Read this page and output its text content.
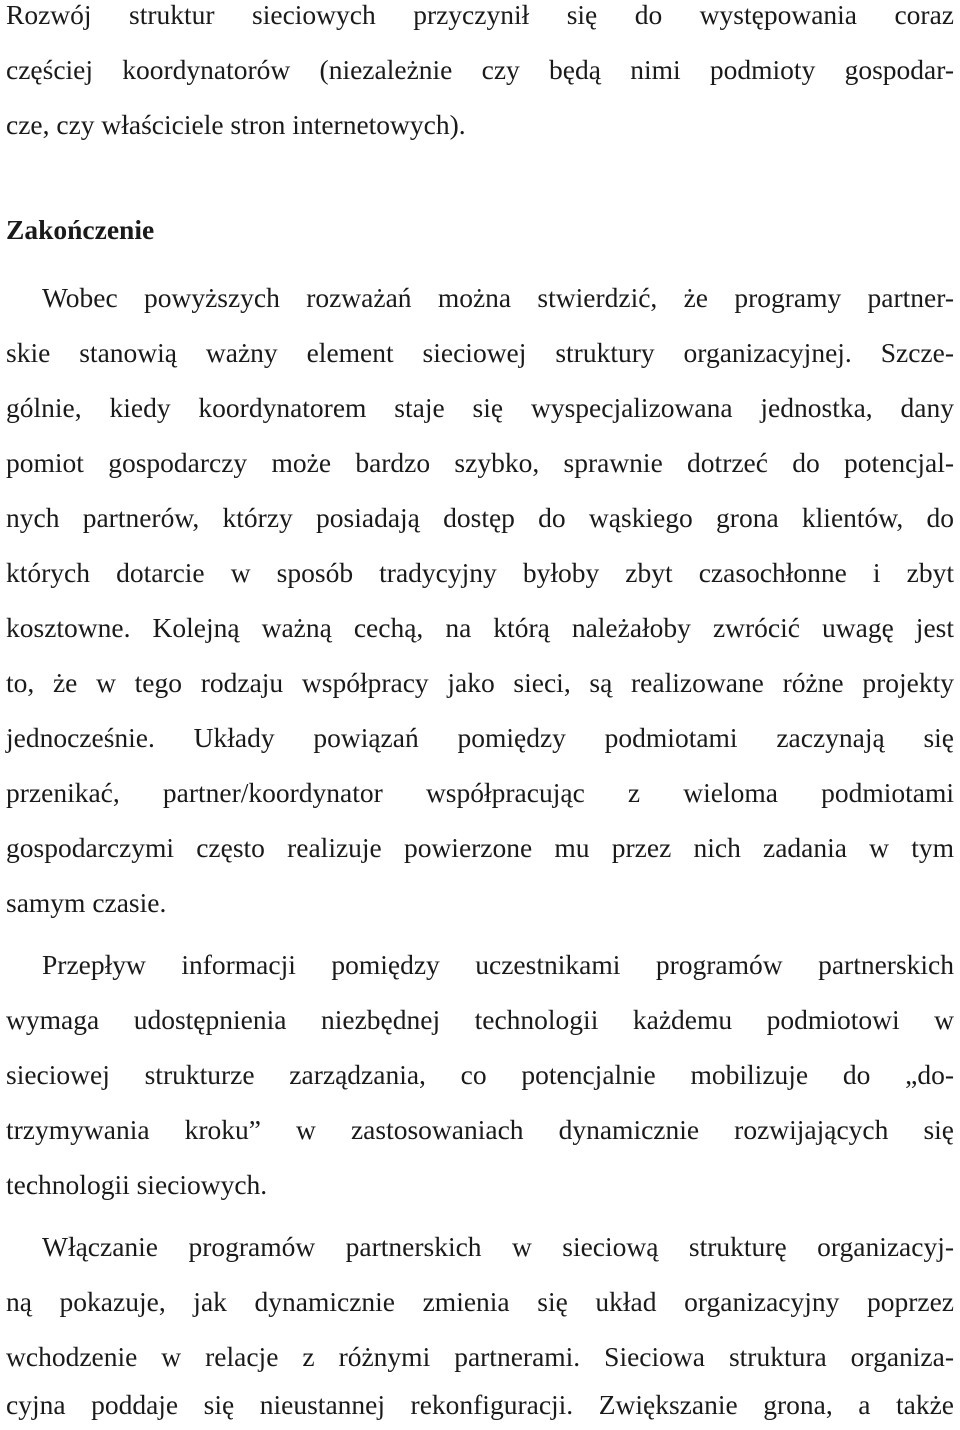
Rozwój struktur sieciowych przyczynił się do występowania coraz
częściej koordynatorów (niezależnie czy będą nimi podmioty gospodar-
cze, czy właściciele stron internetowych).
Zakończenie
Wobec powyższych rozważań można stwierdzić, że programy partner-
skie stanowią ważny element sieciowej struktury organizacyjnej. Szcze-
gólnie, kiedy koordynatorem staje się wyspecjalizowana jednostka, dany
pomiot gospodarczy może bardzo szybko, sprawnie dotrzeć do potencjal-
nych partnerów, którzy posiadają dostęp do wąskiego grona klientów, do
których dotarcie w sposób tradycyjny byłoby zbyt czasochłonne i zbyt
kosztowne. Kolejną ważną cechą, na którą należałoby zwrócić uwagę jest
to, że w tego rodzaju współpracy jako sieci, są realizowane różne projekty
jednocześnie. Układy powiązań pomiędzy podmiotami zaczynają się
przenikać, partner/koordynator współpracując z wieloma podmiotami
gospodarczymi często realizuje powierzone mu przez nich zadania w tym
samym czasie.
Przepływ informacji pomiędzy uczestnikami programów partnerskich
wymaga udostępnienia niezbędnej technologii każdemu podmiotowi w
sieciowej strukturze zarządzania, co potencjalnie mobilizuje do „do-
trzymywania kroku” w zastosowaniach dynamicznie rozwijających się
technologii sieciowych.
Włączanie programów partnerskich w sieciową strukturę organizacyj-
ną pokazuje, jak dynamicznie zmienia się układ organizacyjny poprzez
wchodzenie w relacje z różnymi partnerami. Sieciowa struktura organiza-
cyjna poddaje się nieustannej rekonfiguracji. Zwiększanie grona, a także
